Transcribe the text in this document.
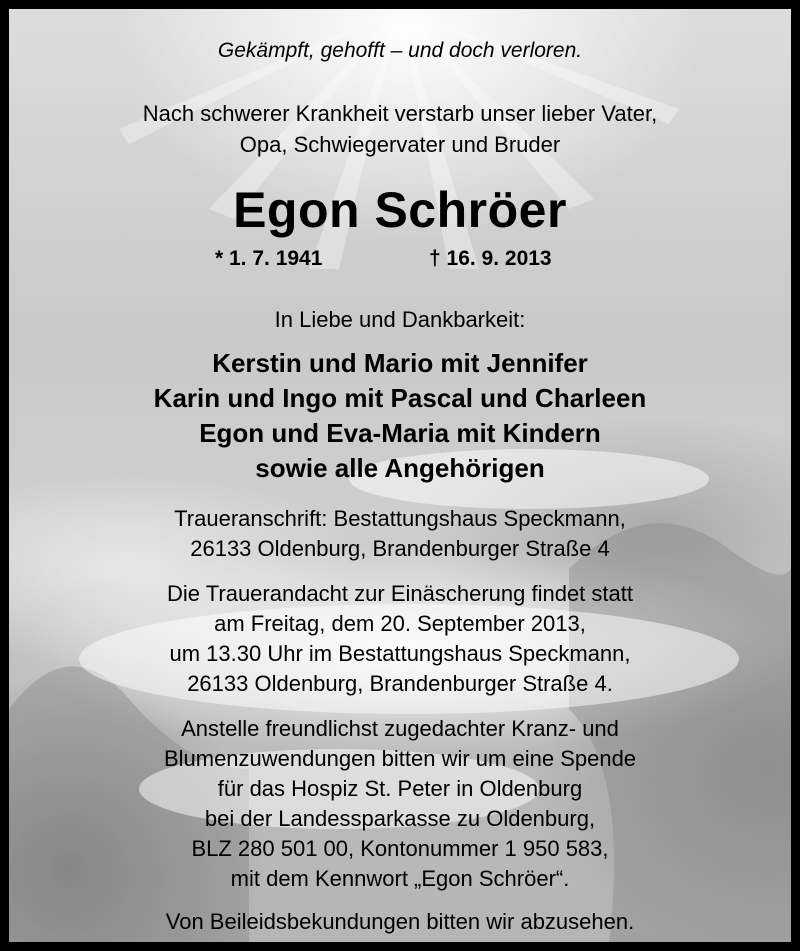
Gekämpft, gehofft – und doch verloren.
Nach schwerer Krankheit verstarb unser lieber Vater,
Opa, Schwiegervater und Bruder
Egon Schröer
* 1. 7. 1941	† 16. 9. 2013
In Liebe und Dankbarkeit:
Kerstin und Mario mit Jennifer
Karin und Ingo mit Pascal und Charleen
Egon und Eva-Maria mit Kindern
sowie alle Angehörigen
Traueranschrift: Bestattungshaus Speckmann,
26133 Oldenburg, Brandenburger Straße 4
Die Trauerandacht zur Einäscherung findet statt
am Freitag, dem 20. September 2013,
um 13.30 Uhr im Bestattungshaus Speckmann,
26133 Oldenburg, Brandenburger Straße 4.
Anstelle freundlichst zugedachter Kranz- und
Blumenzuwendungen bitten wir um eine Spende
für das Hospiz St. Peter in Oldenburg
bei der Landessparkasse zu Oldenburg,
BLZ 280 501 00, Kontonummer 1 950 583,
mit dem Kennwort „Egon Schröer“.
Von Beileidsbekundungen bitten wir abzusehen.
